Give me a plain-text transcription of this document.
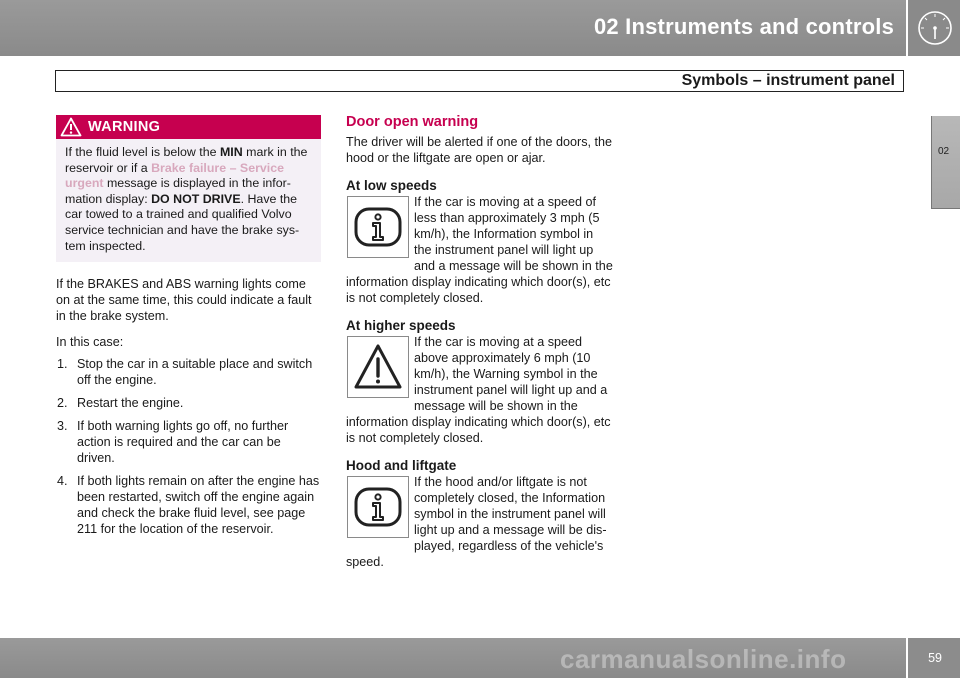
02 Instruments and controls
Symbols – instrument panel
02
WARNING
If the fluid level is below the MIN mark in the reservoir or if a Brake failure – Service urgent message is displayed in the infor-mation display: DO NOT DRIVE. Have the car towed to a trained and qualified Volvo service technician and have the brake sys-tem inspected.

If the BRAKES and ABS warning lights come on at the same time, this could indicate a fault in the brake system.

In this case:

1. Stop the car in a suitable place and switch off the engine.
2. Restart the engine.
3. If both warning lights go off, no further action is required and the car can be driven.
4. If both lights remain on after the engine has been restarted, switch off the engine again and check the brake fluid level, see page 211 for the location of the reservoir.
Door open warning

The driver will be alerted if one of the doors, the hood or the liftgate are open or ajar.

At low speeds

If the car is moving at a speed of less than approximately 3 mph (5 km/h), the Information symbol in the instrument panel will light up and a message will be shown in the

information display indicating which door(s), etc is not completely closed.

At higher speeds

If the car is moving at a speed above approximately 6 mph (10 km/h), the Warning symbol in the instrument panel will light up and a message will be shown in the

information display indicating which door(s), etc is not completely closed.

Hood and liftgate

If the hood and/or liftgate is not completely closed, the Information symbol in the instrument panel will light up and a message will be dis-played, regardless of the vehicle's

speed.

carmanualsonline.info	59
